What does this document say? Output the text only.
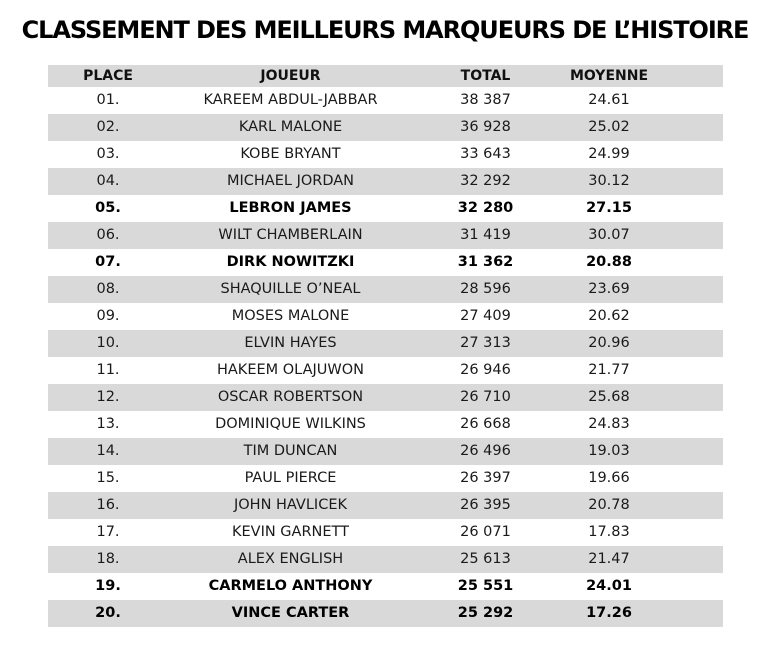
CLASSEMENT DES MEILLEURS MARQUEURS DE L’HISTOIRE
PLACE	JOUEUR	TOTAL	MOYENNE
01.	KAREEM ABDUL-JABBAR	38 387	24.61
02.	KARL MALONE	36 928	25.02
03.	KOBE BRYANT	33 643	24.99
04.	MICHAEL JORDAN	32 292	30.12
05.	LEBRON JAMES	32 280	27.15
06.	WILT CHAMBERLAIN	31 419	30.07
07.	DIRK NOWITZKI	31 362	20.88
08.	SHAQUILLE O’NEAL	28 596	23.69
09.	MOSES MALONE	27 409	20.62
10.	ELVIN HAYES	27 313	20.96
11.	HAKEEM OLAJUWON	26 946	21.77
12.	OSCAR ROBERTSON	26 710	25.68
13.	DOMINIQUE WILKINS	26 668	24.83
14.	TIM DUNCAN	26 496	19.03
15.	PAUL PIERCE	26 397	19.66
16.	JOHN HAVLICEK	26 395	20.78
17.	KEVIN GARNETT	26 071	17.83
18.	ALEX ENGLISH	25 613	21.47
19.	CARMELO ANTHONY	25 551	24.01
20.	VINCE CARTER	25 292	17.26
